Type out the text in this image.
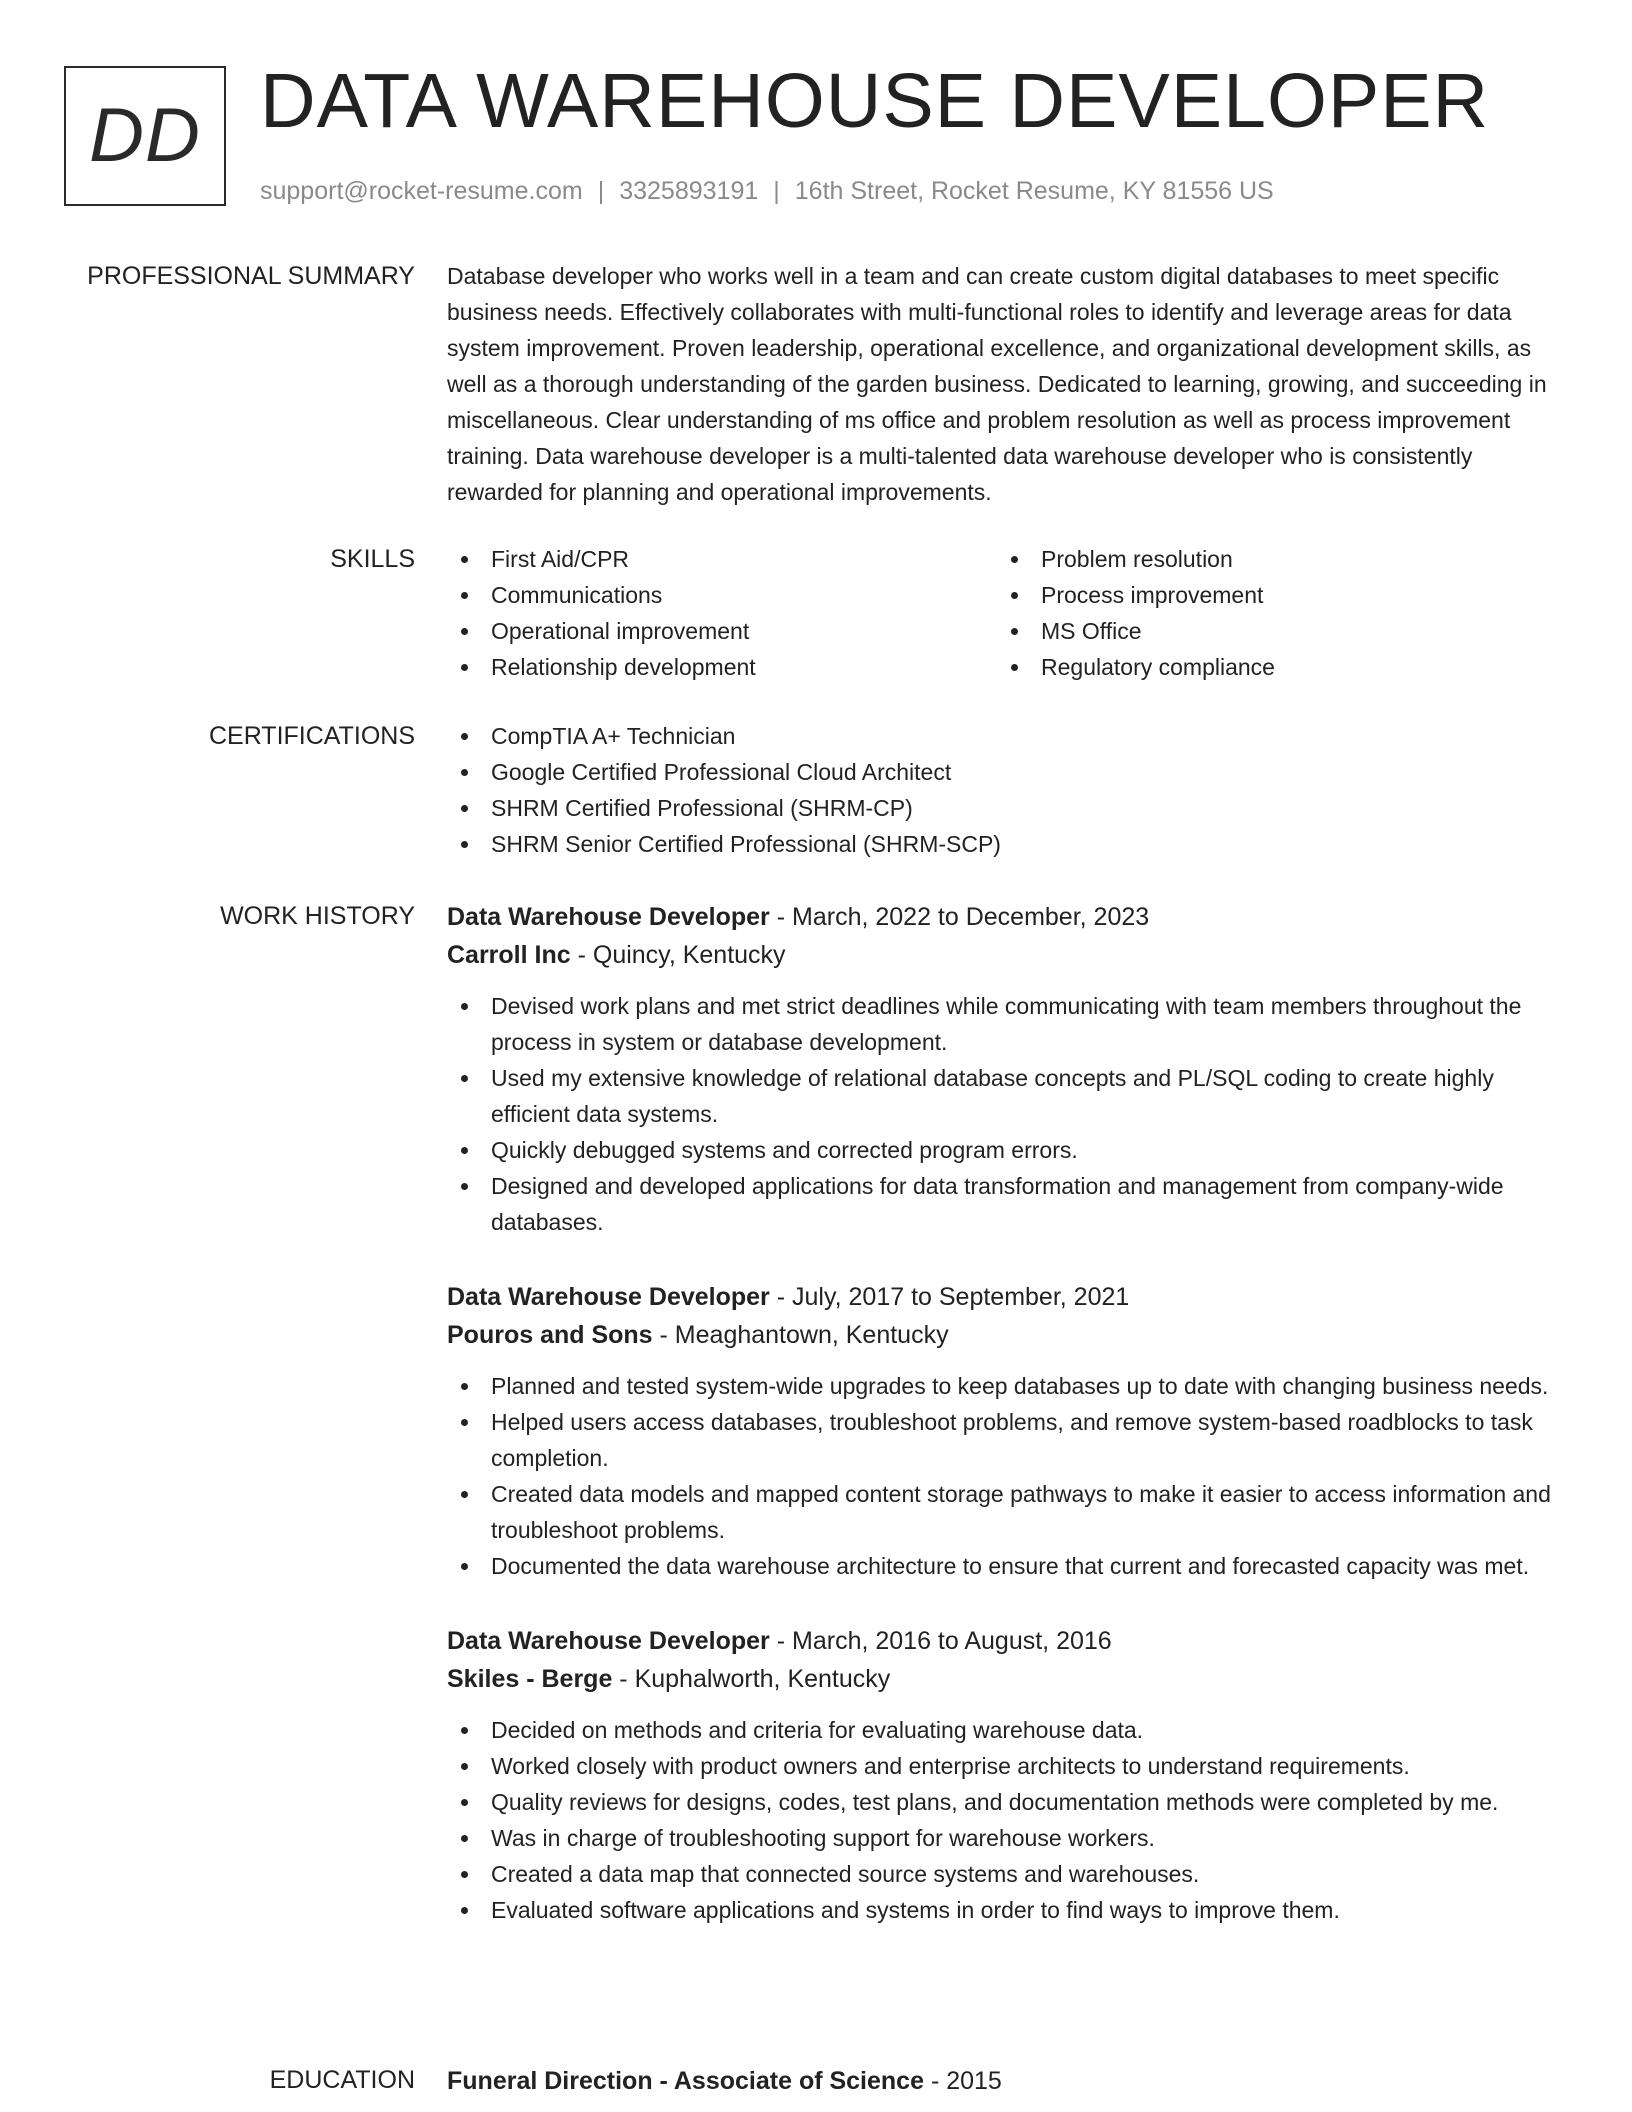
DD DATA WAREHOUSE DEVELOPER
support@rocket-resume.com | 3325893191 | 16th Street, Rocket Resume, KY 81556 US
PROFESSIONAL SUMMARY Database developer who works well in a team and can create custom digital databases to meet specific business needs. Effectively collaborates with multi-functional roles to identify and leverage areas for data system improvement. Proven leadership, operational excellence, and organizational development skills, as well as a thorough understanding of the garden business. Dedicated to learning, growing, and succeeding in miscellaneous. Clear understanding of ms office and problem resolution as well as process improvement training. Data warehouse developer is a multi-talented data warehouse developer who is consistently rewarded for planning and operational improvements.

SKILLS	First Aid/CPR
Communications
Operational improvement
Relationship development
Problem resolution
Process improvement
MS Office
Regulatory compliance
CERTIFICATIONS	CompTIA A+ Technician
Google Certified Professional Cloud Architect
SHRM Certified Professional (SHRM-CP)
SHRM Senior Certified Professional (SHRM-SCP)
WORK HISTORY Data Warehouse Developer - March, 2022 to December, 2023
Carroll Inc - Quincy, Kentucky
Devised work plans and met strict deadlines while communicating with team members throughout the process in system or database development.
Used my extensive knowledge of relational database concepts and PL/SQL coding to create highly efficient data systems.
Quickly debugged systems and corrected program errors.
Designed and developed applications for data transformation and management from company-wide databases.
Data Warehouse Developer - July, 2017 to September, 2021
Pouros and Sons - Meaghantown, Kentucky
Planned and tested system-wide upgrades to keep databases up to date with changing business needs.
Helped users access databases, troubleshoot problems, and remove system-based roadblocks to task completion.
Created data models and mapped content storage pathways to make it easier to access information and troubleshoot problems.
Documented the data warehouse architecture to ensure that current and forecasted capacity was met.
Data Warehouse Developer - March, 2016 to August, 2016
Skiles - Berge - Kuphalworth, Kentucky
Decided on methods and criteria for evaluating warehouse data.
Worked closely with product owners and enterprise architects to understand requirements.
Quality reviews for designs, codes, test plans, and documentation methods were completed by me.
Was in charge of troubleshooting support for warehouse workers.
Created a data map that connected source systems and warehouses.
Evaluated software applications and systems in order to find ways to improve them.
EDUCATION Funeral Direction - Associate of Science - 2015
